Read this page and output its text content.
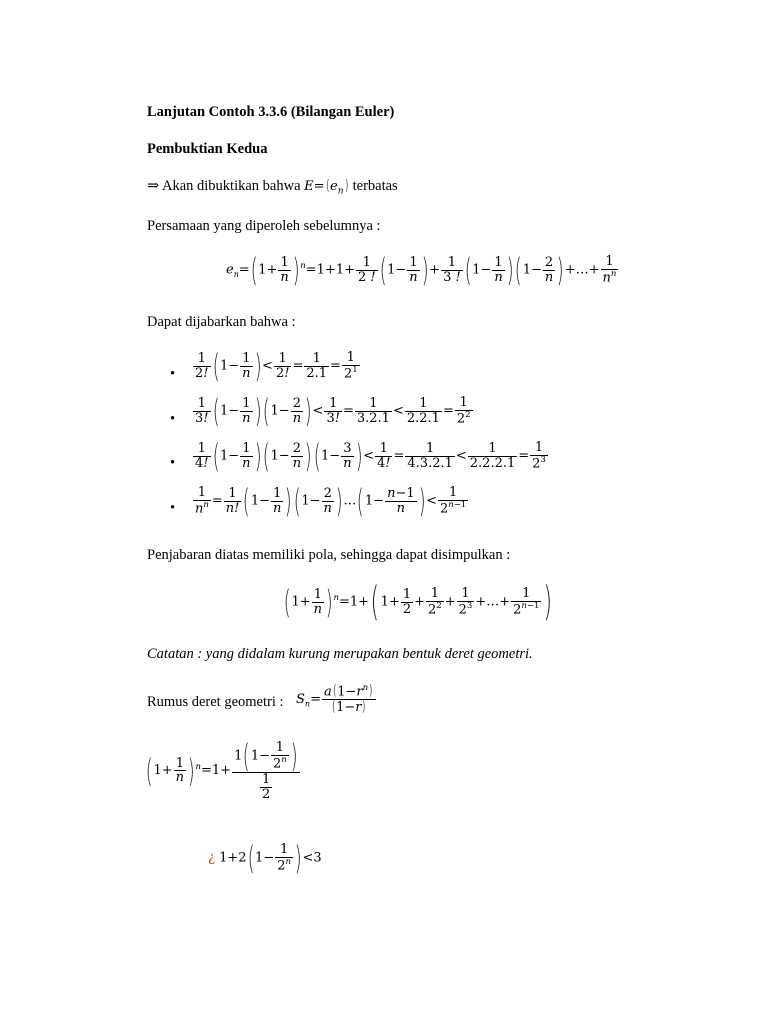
Lanjutan Contoh 3.3.6 (Bilangan Euler)
Pembuktian Kedua
⇒ Akan dibuktikan bahwa $E=(e_n)$ terbatas
Persamaan yang diperoleh sebelumnya :
$e_n=(1+ \frac{1}{n} )^n=1+1+ \frac{1}{2 !} (1- \frac{1}{n}$ )+ $\frac{1}{3 !} (1- \frac{1}{n} )(1- \frac{2}{n}$ )+…+ $\frac{1}{n^n}$
Dapat dijabarkan bahwa :
• $\frac{1}{2!} (1- \frac{1}{n}$ )< $\frac{1}{2!} = \frac{1}{2.1} = \frac{1}{2^1}$
• $\frac{1}{3!} (1- \frac{1}{n} )(1- \frac{2}{n}$ )< $\frac{1}{3!} = \frac{1}{3.2.1} < \frac{1}{2.2.1} = \frac{1}{2^2}$
• $\frac{1}{4!} (1- \frac{1}{n} )(1- \frac{2}{n} )(1- \frac{3}{n}$ )< $\frac{1}{4!} = \frac{1}{4.3.2.1} < \frac{1}{2.2.2.1} = \frac{1}{2^3}$
• $\frac{1}{n^n} = \frac{1}{n!} (1- \frac{1}{n} )(1- \frac{2}{n}$ )…(1− $\frac{n-1}{n}$ )< $\frac{1}{2^{n-1}}$
Penjabaran diatas memiliki pola, sehingga dapat disimpulkan :
$(1+ \frac{1}{n} )^n=1+$( $1+ \frac{1}{2} + \frac{1}{2^2} + \frac{1}{2^3}$ +…+ $\frac{1}{2^{n-1}}$ )
Catatan : yang didalam kurung merupakan bentuk deret geometri.
Rumus deret geometri : $S_n= \frac{a(1-r^n)}{(1-r)}$
$(1+ \frac{1}{n} )^n=1+ \frac{1(1- \frac{1}{2^n} )}{\frac{1}{2}}$
¿ $1+2(1- \frac{1}{2^n} )<3$
